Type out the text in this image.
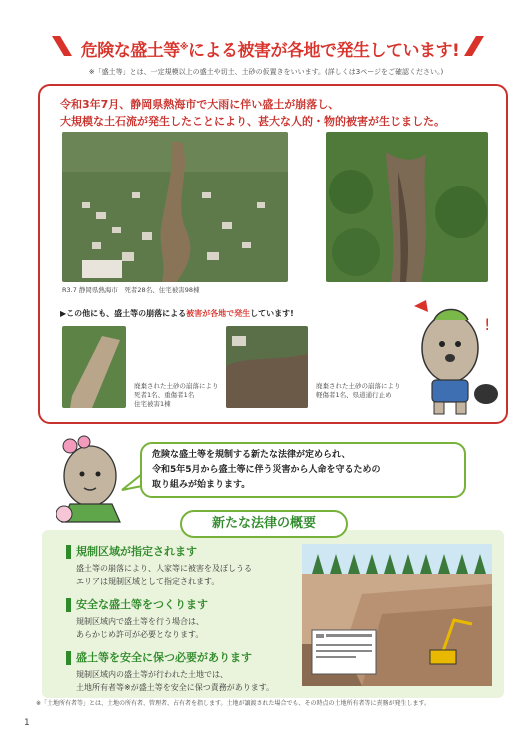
危険な盛土等※による被害が各地で発生しています!
※「盛土等」とは、一定規模以上の盛土や切土、土砂の仮置きをいいます。(詳しくは3ページをご確認ください。)
令和3年7月、静岡県熱海市で大雨に伴い盛土が崩落し、
大規模な土石流が発生したことにより、甚大な人的・物的被害が生じました。
R3.7 静岡県熱海市　死者28名、住宅被害98棟
▶この他にも、盛土等の崩落による被害が各地で発生しています!
廃棄された土砂の崩落により
死者1名、重傷者1名
住宅被害1棟
廃棄された土砂の崩落により
軽傷者1名、県道通行止め
!
危険な盛土等を規制する新たな法律が定められ、
令和5年5月から盛土等に伴う災害から人命を守るための
取り組みが始まります。
新たな法律の概要
規制区域が指定されます
盛土等の崩落により、人家等に被害を及ぼしうる
エリアは規制区域として指定されます。
安全な盛土等をつくります
規制区域内で盛土等を行う場合は、
あらかじめ許可が必要となります。
盛土等を安全に保つ必要があります
規制区域内の盛土等が行われた土地では、
土地所有者等※が盛土等を安全に保つ責務があります。
※「土地所有者等」とは、土地の所有者、管理者、占有者を指します。土地が譲渡された場合でも、その時点の土地所有者等に責務が発生します。
1
